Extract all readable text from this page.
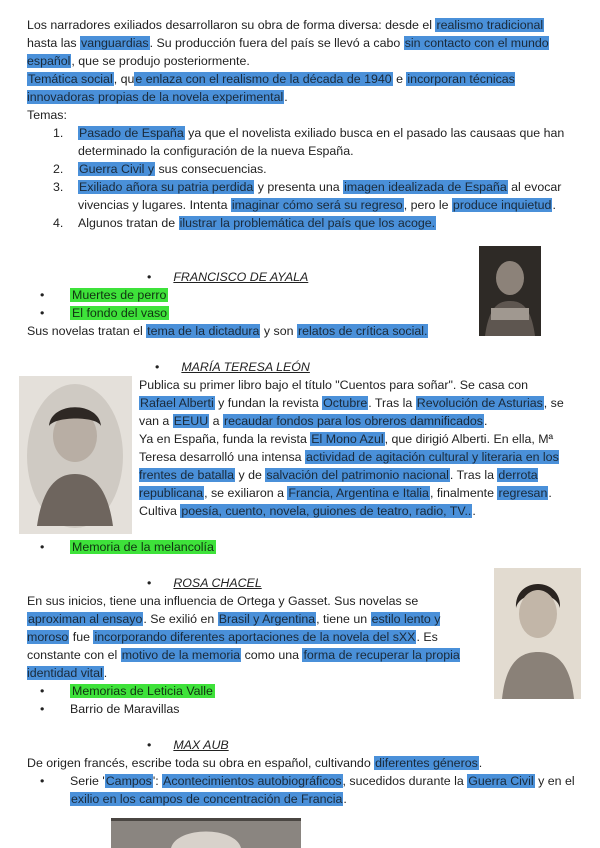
Los narradores exiliados desarrollaron su obra de forma diversa: desde el realismo tradicional hasta las vanguardias. Su producción fuera del país se llevó a cabo sin contacto con el mundo español, que se produjo posteriormente.
Temática social, que enlaza con el realismo de la década de 1940 e incorporan técnicas innovadoras propias de la novela experimental.

Temas:

1. Pasado de España ya que el novelista exiliado busca en el pasado las causaas que han determinado la configuración de la nueva España.
2. Guerra Civil y sus consecuencias.
3. Exiliado añora su patria perdida y presenta una imagen idealizada de España al evocar vivencias y lugares. Intenta imaginar cómo será su regreso, pero le produce inquietud.
4. Algunos tratan de ilustrar la problemática del país que los acoge.
• FRANCISCO DE AYALA
• Muertes de perro
• El fondo del vaso

Sus novelas tratan el tema de la dictadura y son relatos de crítica social.

• MARÍA TERESA LEÓN

Publica su primer libro bajo el título "Cuentos para soñar". Se casa con
Rafael Alberti y fundan la revista Octubre. Tras la Revolución de Asturias, se van a EEUU a recaudar fondos para los obreros damnificados.

Ya en España, funda la revista El Mono Azul, que dirigió Alberti. En ella, Mª Teresa desarrolló una intensa actividad de agitación cultural y literaria en los frentes de batalla y de salvación del patrimonio nacional. Tras la derrota republicana, se exiliaron a Francia, Argentina e Italia, finalmente regresan.

Cultiva poesía, cuento, novela, guiones de teatro, radio, TV...

• Memoria de la melancolía
• ROSA CHACEL

En sus inicios, tiene una influencia de Ortega y Gasset. Sus novelas se aproximan al ensayo. Se exilió en Brasil y Argentina, tiene un estilo lento y moroso fue incorporando diferentes aportaciones de la novela del sXX. Es constante con el motivo de la memoria como una forma de recuperar la propia identidad vital.

• Memorias de Leticia Valle
• Barrio de Maravillas
• MAX AUB

De origen francés, escribe toda su obra en español, cultivando diferentes géneros.

• Serie 'Campos': Acontecimientos autobiográficos, sucedidos durante la Guerra Civil y en el exilio en los campos de concentración de Francia.
